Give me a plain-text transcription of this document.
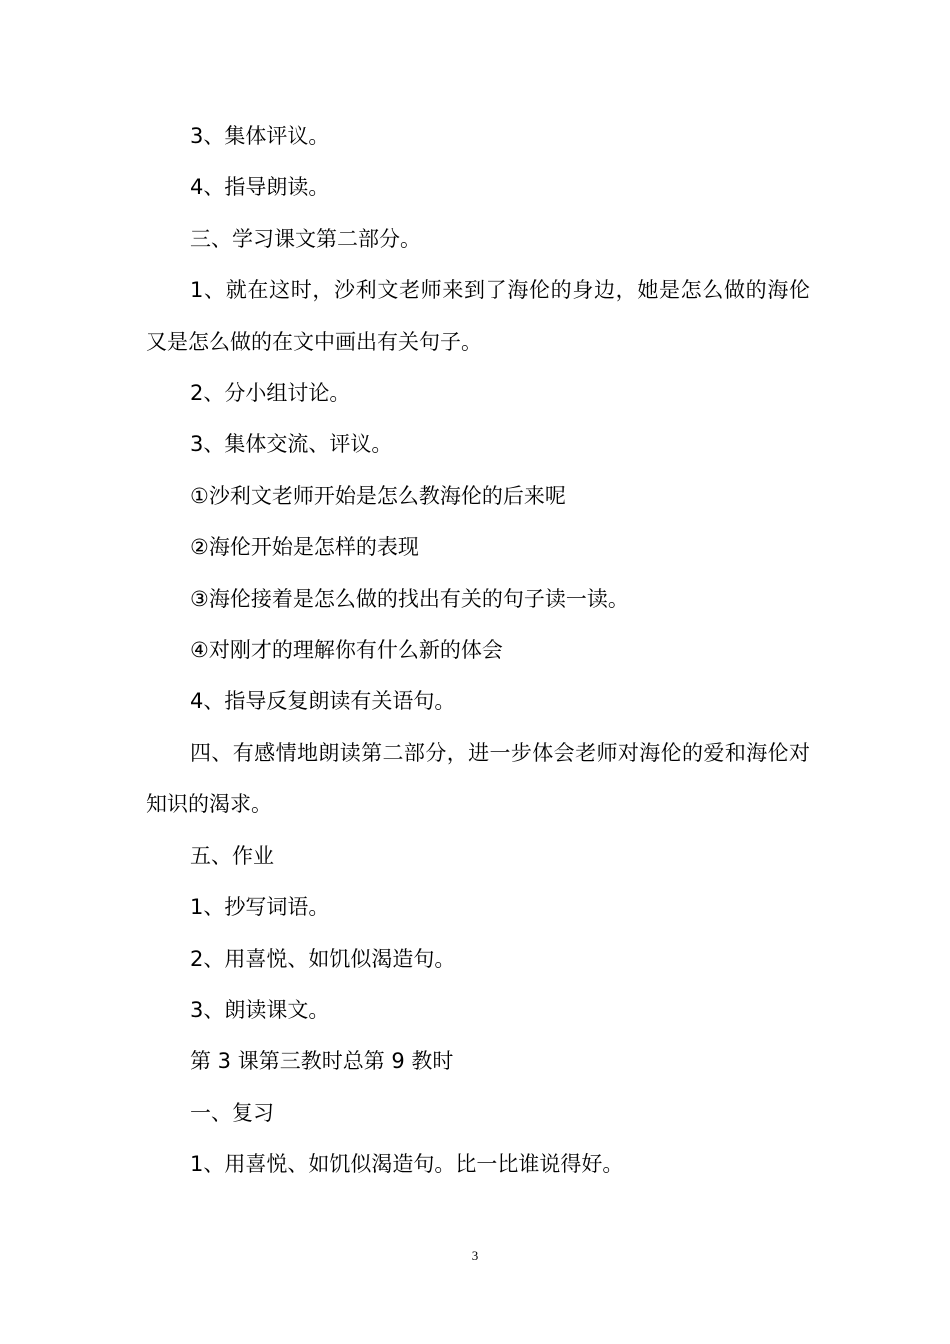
3、集体评议。

4、指导朗读。

三、学习课文第二部分。

1、就在这时，沙利文老师来到了海伦的身边，她是怎么做的海伦又是怎么做的在文中画出有关句子。

2、分小组讨论。

3、集体交流、评议。

①沙利文老师开始是怎么教海伦的后来呢

②海伦开始是怎样的表现

③海伦接着是怎么做的找出有关的句子读一读。

④对刚才的理解你有什么新的体会

4、指导反复朗读有关语句。

四、有感情地朗读第二部分，进一步体会老师对海伦的爱和海伦对知识的渴求。

五、作业

1、抄写词语。

2、用喜悦、如饥似渴造句。

3、朗读课文。

第 3 课第三教时总第 9 教时

一、复习

1、用喜悦、如饥似渴造句。比一比谁说得好。

3
